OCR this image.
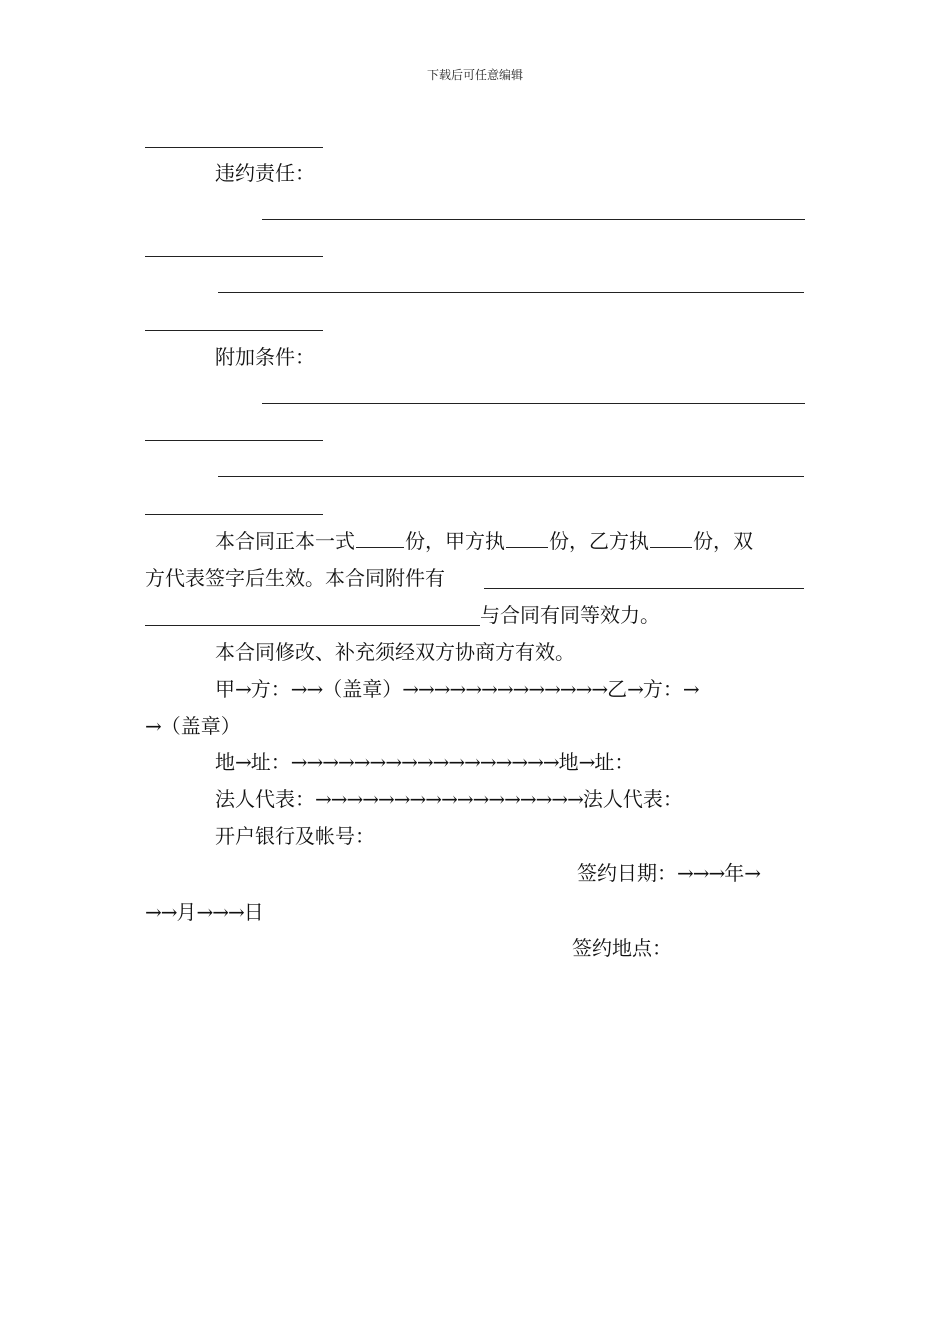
下载后可任意编辑
违约责任：
附加条件：
本合同正本一式	份，甲方执 份，乙方执 份，双
方代表签字后生效。本合同附件有
与合同有同等效力。
本合同修改、补充须经双方协商方有效。
甲→方：→→（盖章）→→→→→→→→→→→→→乙→方：→
→（盖章）
地→址：→→→→→→→→→→→→→→→→→地→址：
法人代表：→→→→→→→→→→→→→→→→→法人代表：
开户银行及帐号：
签约日期：→→→年→
→→月→→→日
签约地点：
